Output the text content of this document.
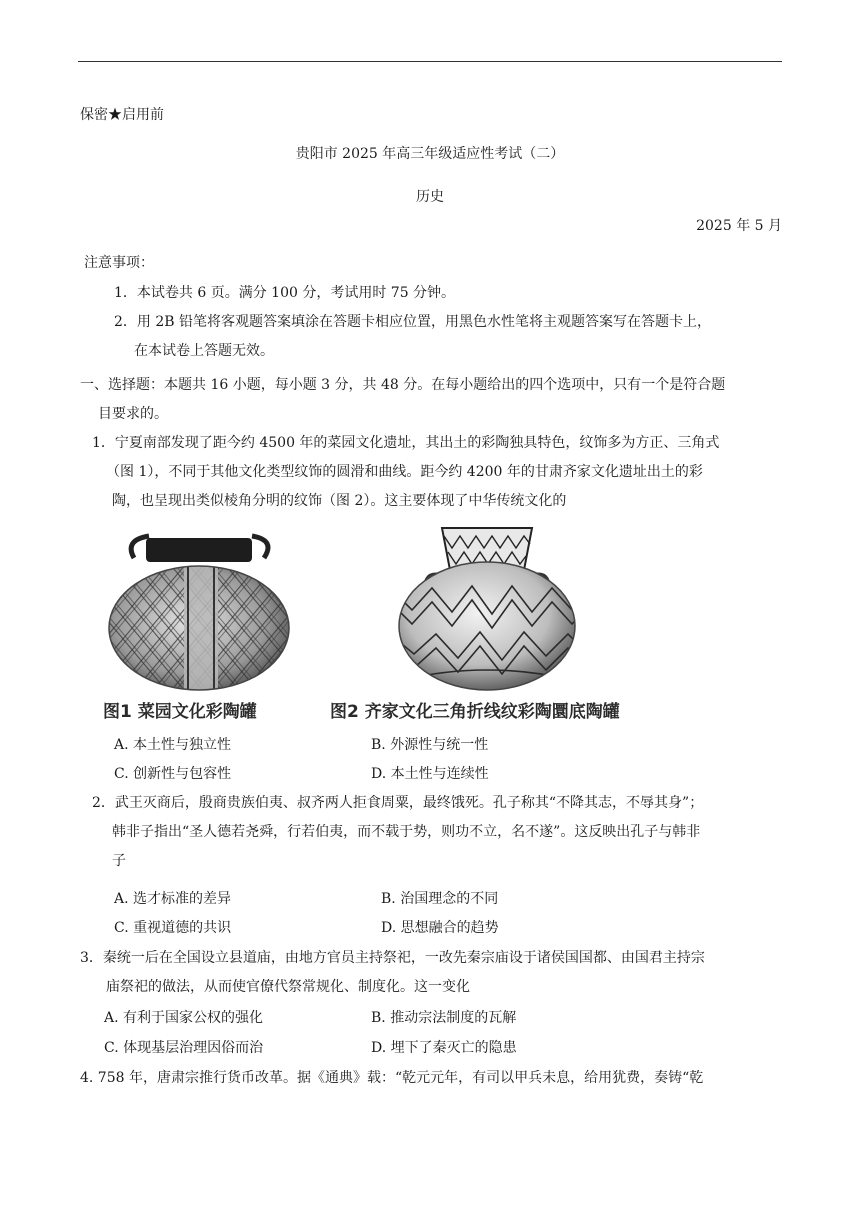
保密★启用前
贵阳市 2025 年高三年级适应性考试（二）
历史
2025 年 5 月
注意事项：
1．本试卷共 6 页。满分 100 分，考试用时 75 分钟。
2．用 2B 铅笔将客观题答案填涂在答题卡相应位置，用黑色水性笔将主观题答案写在答题卡上，
在本试卷上答题无效。
一、选择题：本题共 16 小题，每小题 3 分，共 48 分。在每小题给出的四个选项中，只有一个是符合题
目要求的。
1．宁夏南部发现了距今约 4500 年的菜园文化遗址，其出土的彩陶独具特色，纹饰多为方正、三角式
（图 1），不同于其他文化类型纹饰的圆滑和曲线。距今约 4200 年的甘肃齐家文化遗址出土的彩
陶，也呈现出类似棱角分明的纹饰（图 2）。这主要体现了中华传统文化的
图1 菜园文化彩陶罐	图2 齐家文化三角折线纹彩陶圜底陶罐
A. 本土性与独立性	B. 外源性与统一性
C. 创新性与包容性	D. 本土性与连续性
2．武王灭商后，殷商贵族伯夷、叔齐两人拒食周粟，最终饿死。孔子称其“不降其志，不辱其身”；
韩非子指出“圣人德若尧舜，行若伯夷，而不载于势，则功不立，名不遂”。这反映出孔子与韩非
子
A. 选才标准的差异	B. 治国理念的不同
C. 重视道德的共识	D. 思想融合的趋势
3．秦统一后在全国设立县道庙，由地方官员主持祭祀，一改先秦宗庙设于诸侯国国都、由国君主持宗
庙祭祀的做法，从而使官僚代祭常规化、制度化。这一变化
A. 有利于国家公权的强化	B. 推动宗法制度的瓦解
C. 体现基层治理因俗而治	D. 埋下了秦灭亡的隐患
4. 758 年，唐肃宗推行货币改革。据《通典》载：“乾元元年，有司以甲兵未息，给用犹费，奏铸“乾
